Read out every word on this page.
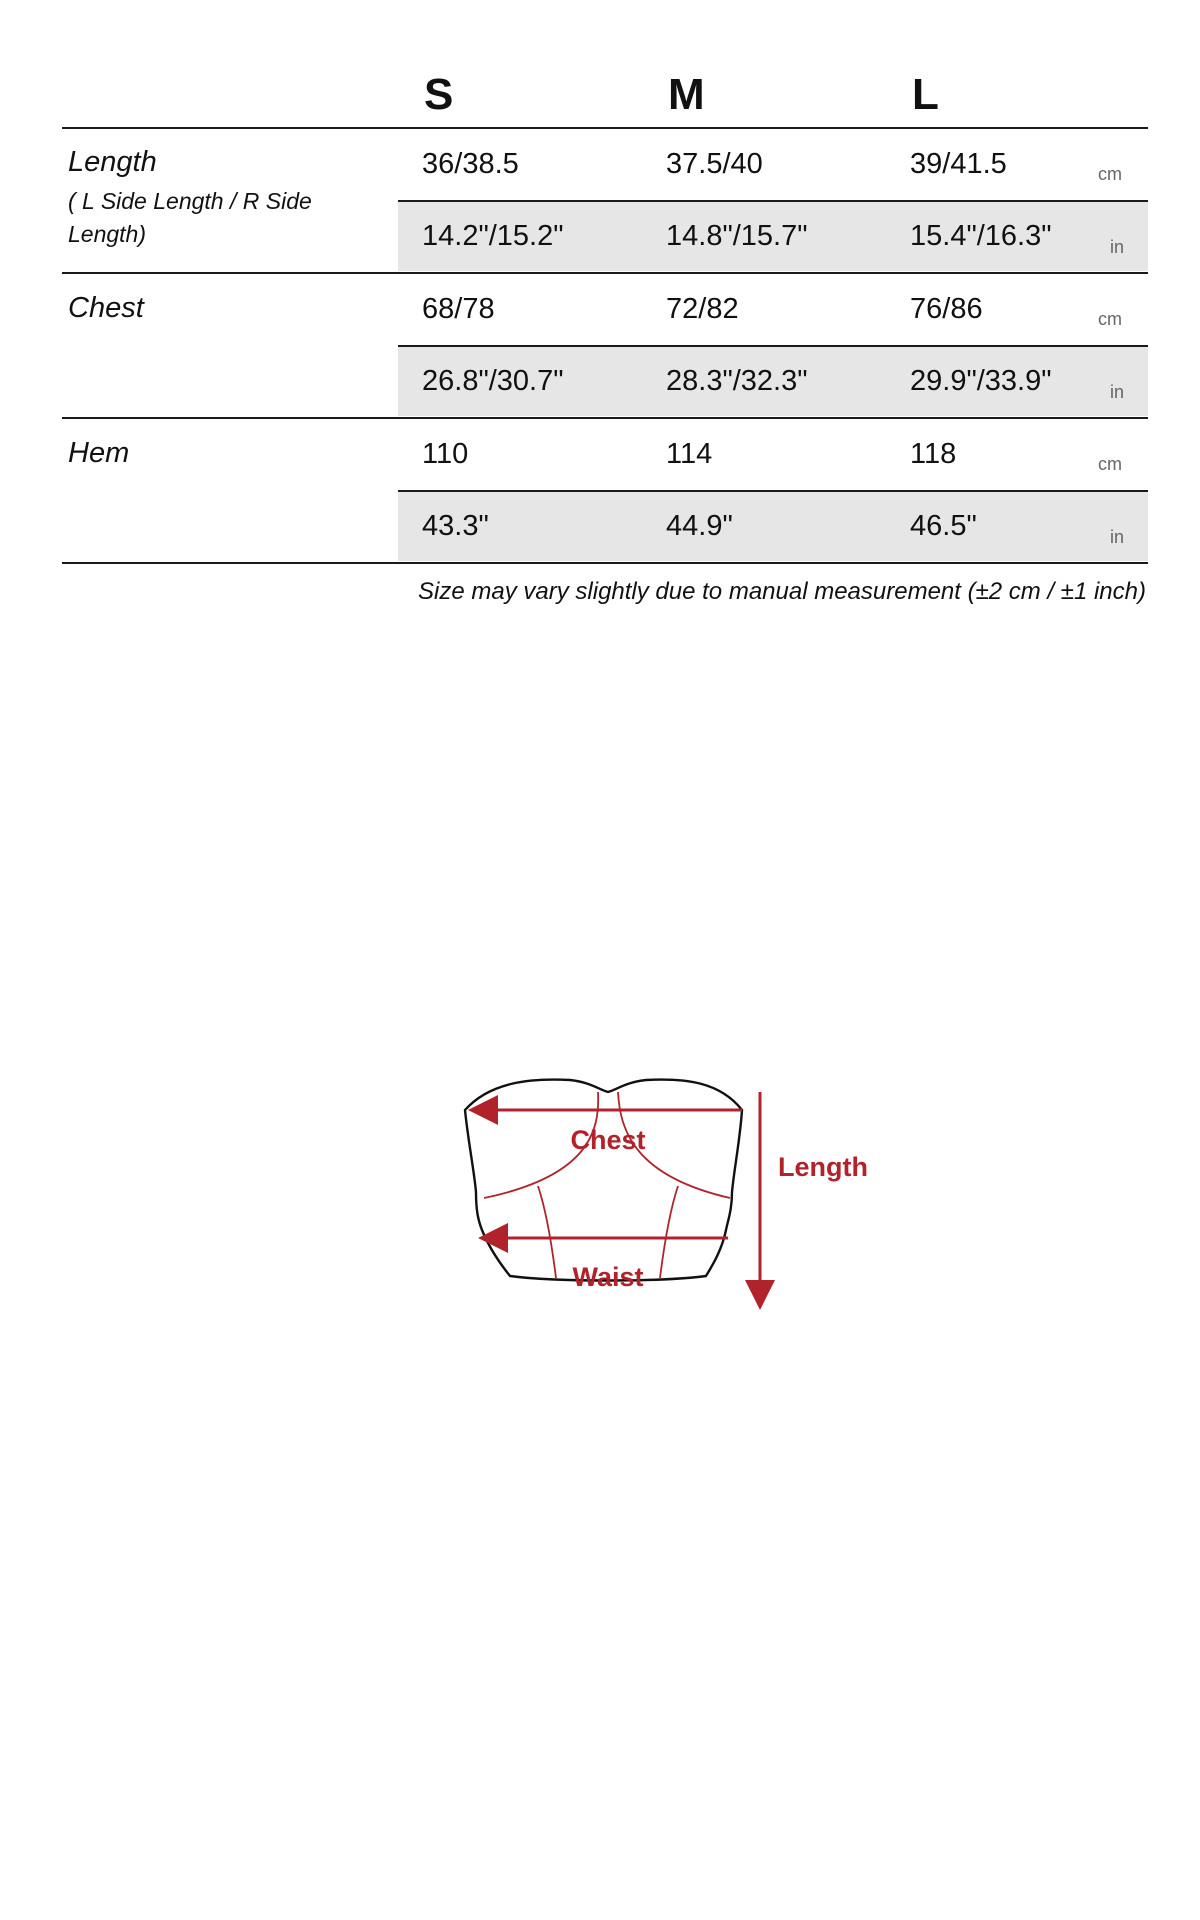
S	M	L
Length
( L Side Length / R Side Length)
36/38.5	37.5/40	39/41.5	cm
14.2"/15.2"	14.8"/15.7"	15.4"/16.3"	in
Chest	68/78	72/82	76/86	cm
26.8"/30.7"	28.3"/32.3"	29.9"/33.9"	in
Hem	110	114	118	cm
43.3"	44.9"	46.5"	in
Size may vary slightly due to manual measurement (±2 cm / ±1 inch)
Chest
Waist
Length
